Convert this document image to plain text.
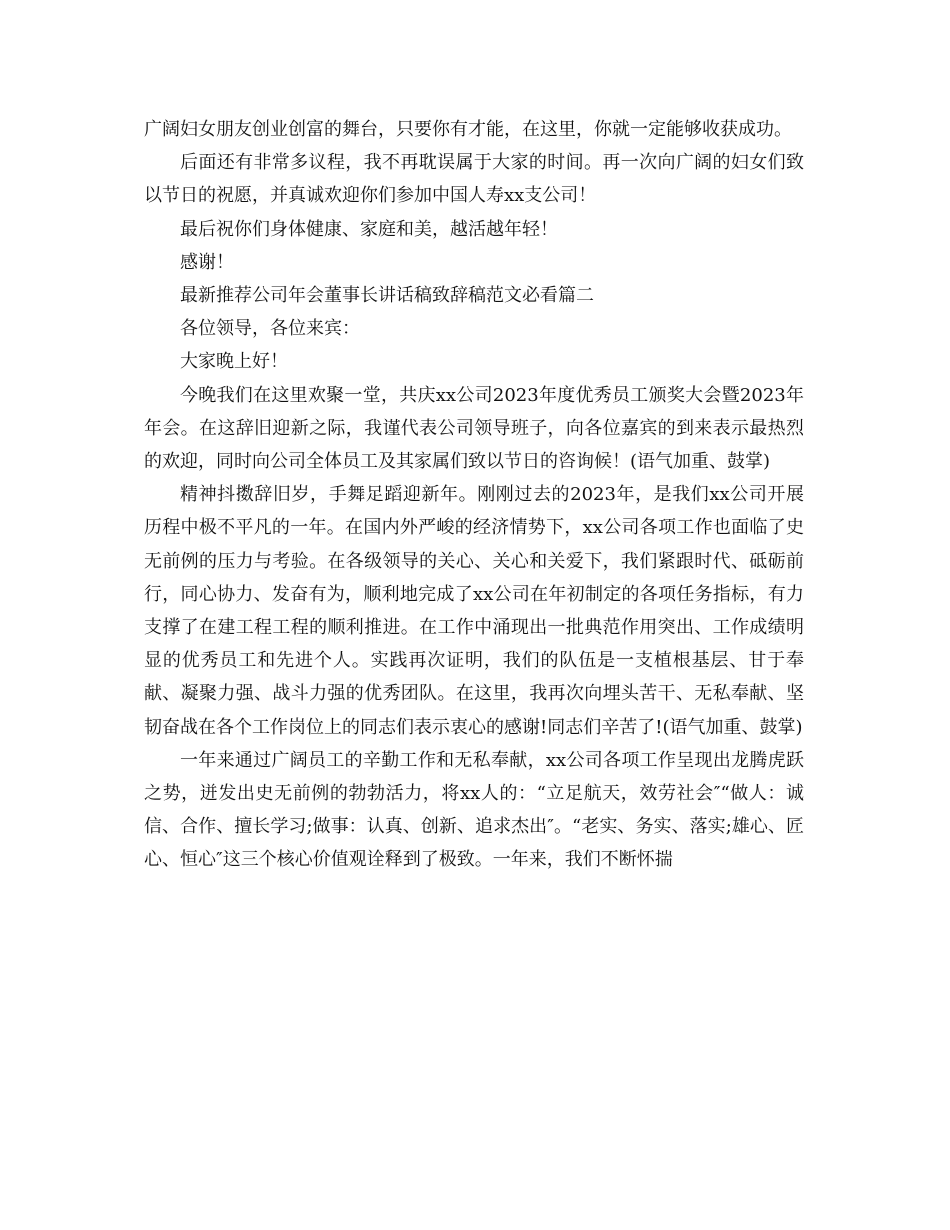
广阔妇女朋友创业创富的舞台，只要你有才能，在这里，你就一定能够收获成功。

后面还有非常多议程，我不再耽误属于大家的时间。再一次向广阔的妇女们致以节日的祝愿，并真诚欢迎你们参加中国人寿xx支公司！

最后祝你们身体健康、家庭和美，越活越年轻！

感谢！

最新推荐公司年会董事长讲话稿致辞稿范文必看篇二

各位领导，各位来宾：

大家晚上好！

今晚我们在这里欢聚一堂，共庆xx公司2023年度优秀员工颁奖大会暨2023年年会。在这辞旧迎新之际，我谨代表公司领导班子，向各位嘉宾的到来表示最热烈的欢迎，同时向公司全体员工及其家属们致以节日的咨询候！(语气加重、鼓掌)

精神抖擞辞旧岁，手舞足蹈迎新年。刚刚过去的2023年，是我们xx公司开展历程中极不平凡的一年。在国内外严峻的经济情势下，xx公司各项工作也面临了史无前例的压力与考验。在各级领导的关心、关心和关爱下，我们紧跟时代、砥砺前行，同心协力、发奋有为，顺利地完成了xx公司在年初制定的各项任务指标，有力支撑了在建工程工程的顺利推进。在工作中涌现出一批典范作用突出、工作成绩明显的优秀员工和先进个人。实践再次证明，我们的队伍是一支植根基层、甘于奉献、凝聚力强、战斗力强的优秀团队。在这里，我再次向埋头苦干、无私奉献、坚韧奋战在各个工作岗位上的同志们表示衷心的感谢!同志们辛苦了!(语气加重、鼓掌)

一年来通过广阔员工的辛勤工作和无私奉献，xx公司各项工作呈现出龙腾虎跃之势，迸发出史无前例的勃勃活力，将xx人的：“立足航天，效劳社会″“做人：诚信、合作、擅长学习;做事：认真、创新、追求杰出″。“老实、务实、落实;雄心、匠心、恒心″这三个核心价值观诠释到了极致。一年来，我们不断怀揣
